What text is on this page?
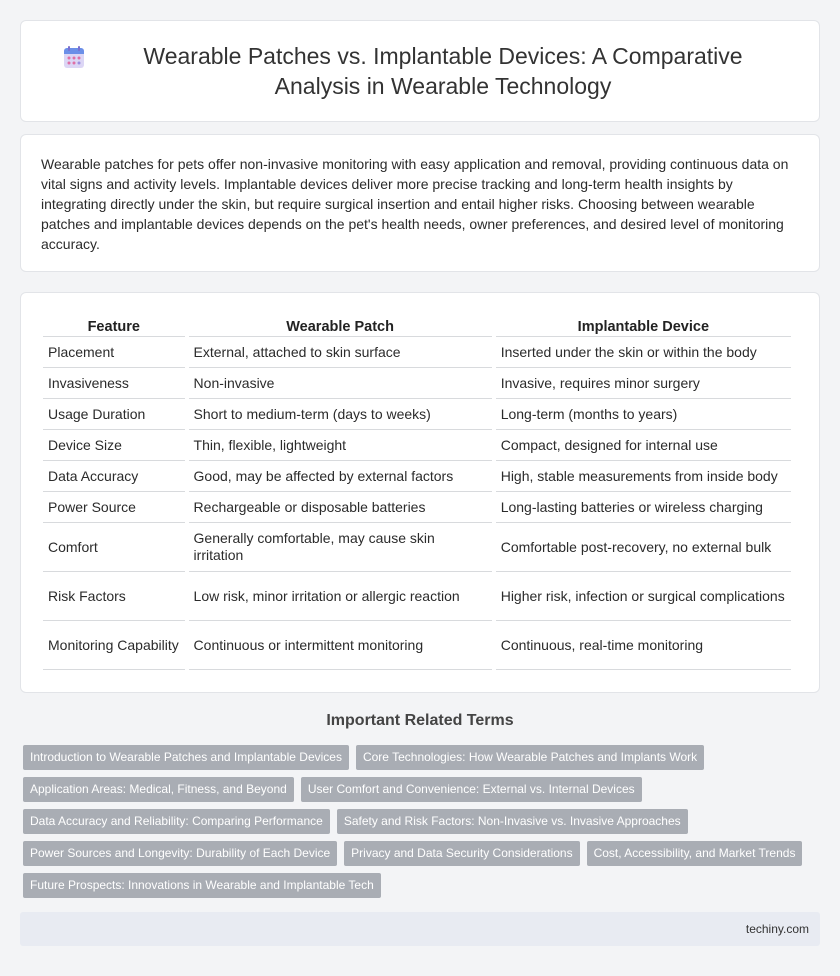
Wearable Patches vs. Implantable Devices: A Comparative Analysis in Wearable Technology

Wearable patches for pets offer non-invasive monitoring with easy application and removal, providing continuous data on vital signs and activity levels. Implantable devices deliver more precise tracking and long-term health insights by integrating directly under the skin, but require surgical insertion and entail higher risks. Choosing between wearable patches and implantable devices depends on the pet's health needs, owner preferences, and desired level of monitoring accuracy.

Feature	Wearable Patch	Implantable Device
Placement	External, attached to skin surface	Inserted under the skin or within the body
Invasiveness	Non-invasive	Invasive, requires minor surgery
Usage Duration	Short to medium-term (days to weeks)	Long-term (months to years)
Device Size	Thin, flexible, lightweight	Compact, designed for internal use
Data Accuracy	Good, may be affected by external factors	High, stable measurements from inside body
Power Source	Rechargeable or disposable batteries	Long-lasting batteries or wireless charging
Comfort	Generally comfortable, may cause skin irritation	Comfortable post-recovery, no external bulk
Risk Factors	Low risk, minor irritation or allergic reaction	Higher risk, infection or surgical complications
Monitoring Capability	Continuous or intermittent monitoring	Continuous, real-time monitoring
Important Related Terms
Introduction to Wearable Patches and Implantable Devices	Core Technologies: How Wearable Patches and Implants Work
Application Areas: Medical, Fitness, and Beyond	User Comfort and Convenience: External vs. Internal Devices
Data Accuracy and Reliability: Comparing Performance	Safety and Risk Factors: Non-Invasive vs. Invasive Approaches
Power Sources and Longevity: Durability of Each Device	Privacy and Data Security Considerations	Cost, Accessibility, and Market Trends
Future Prospects: Innovations in Wearable and Implantable Tech
techiny.com
